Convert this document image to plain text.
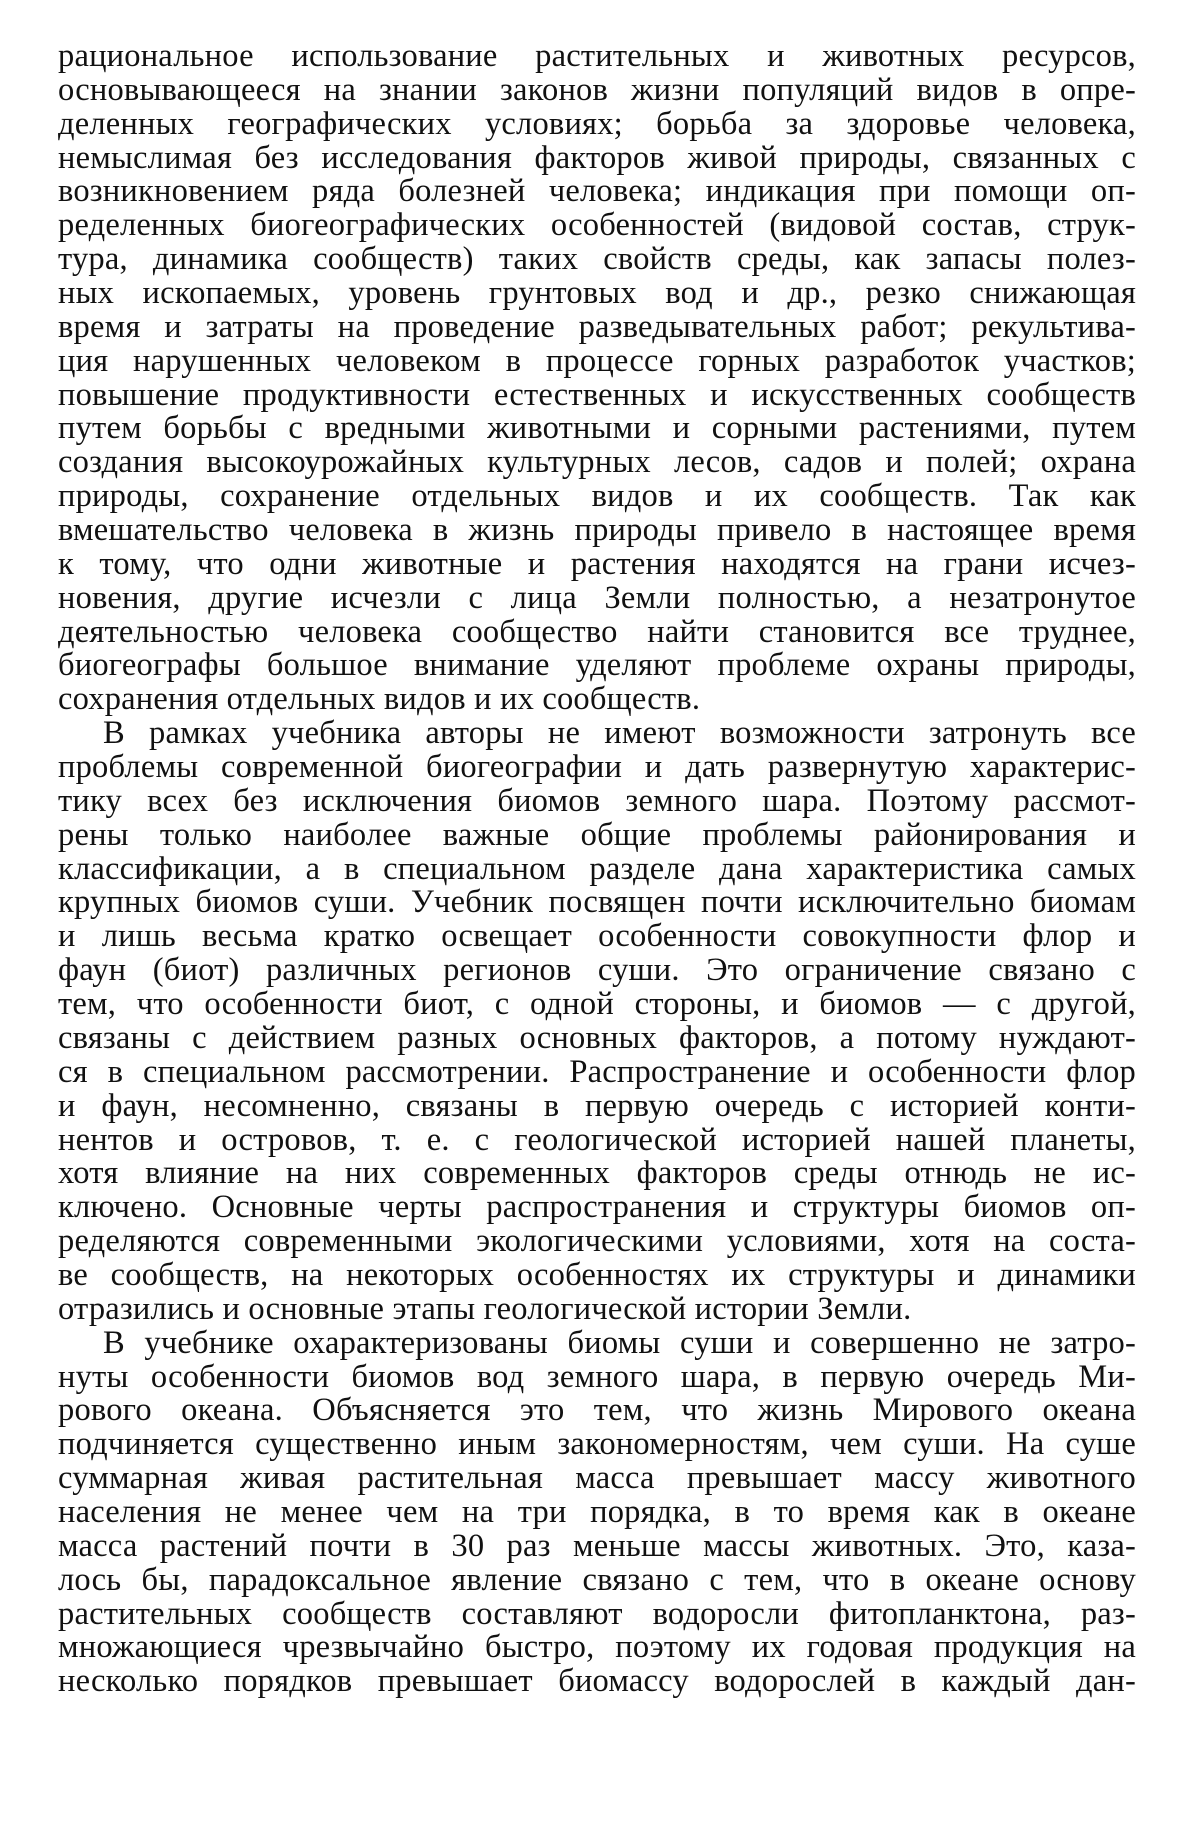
рациональное использование растительных и животных ресурсов,
основывающееся на знании законов жизни популяций видов в опре-
деленных географических условиях; борьба за здоровье человека,
немыслимая без исследования факторов живой природы, связанных с
возникновением ряда болезней человека; индикация при помощи оп-
ределенных биогеографических особенностей (видовой состав, струк-
тура, динамика сообществ) таких свойств среды, как запасы полез-
ных ископаемых, уровень грунтовых вод и др., резко снижающая
время и затраты на проведение разведывательных работ; рекультива-
ция нарушенных человеком в процессе горных разработок участков;
повышение продуктивности естественных и искусственных сообществ
путем борьбы с вредными животными и сорными растениями, путем
создания высокоурожайных культурных лесов, садов и полей; охрана
природы, сохранение отдельных видов и их сообществ. Так как
вмешательство человека в жизнь природы привело в настоящее время
к тому, что одни животные и растения находятся на грани исчез-
новения, другие исчезли с лица Земли полностью, а незатронутое
деятельностью человека сообщество найти становится все труднее,
биогеографы большое внимание уделяют проблеме охраны природы,
сохранения отдельных видов и их сообществ.
В рамках учебника авторы не имеют возможности затронуть все
проблемы современной биогеографии и дать развернутую характерис-
тику всех без исключения биомов земного шара. Поэтому рассмот-
рены только наиболее важные общие проблемы районирования и
классификации, а в специальном разделе дана характеристика самых
крупных биомов суши. Учебник посвящен почти исключительно биомам
и лишь весьма кратко освещает особенности совокупности флор и
фаун (биот) различных регионов суши. Это ограничение связано с
тем, что особенности биот, с одной стороны, и биомов — с другой,
связаны с действием разных основных факторов, а потому нуждают-
ся в специальном рассмотрении. Распространение и особенности флор
и фаун, несомненно, связаны в первую очередь с историей конти-
нентов и островов, т. е. с геологической историей нашей планеты,
хотя влияние на них современных факторов среды отнюдь не ис-
ключено. Основные черты распространения и структуры биомов оп-
ределяются современными экологическими условиями, хотя на соста-
ве сообществ, на некоторых особенностях их структуры и динамики
отразились и основные этапы геологической истории Земли.
В учебнике охарактеризованы биомы суши и совершенно не затро-
нуты особенности биомов вод земного шара, в первую очередь Ми-
рового океана. Объясняется это тем, что жизнь Мирового океана
подчиняется существенно иным закономерностям, чем суши. На суше
суммарная живая растительная масса превышает массу животного
населения не менее чем на три порядка, в то время как в океане
масса растений почти в 30 раз меньше массы животных. Это, каза-
лось бы, парадоксальное явление связано с тем, что в океане основу
растительных сообществ составляют водоросли фитопланктона, раз-
множающиеся чрезвычайно быстро, поэтому их годовая продукция на
несколько порядков превышает биомассу водорослей в каждый дан-
